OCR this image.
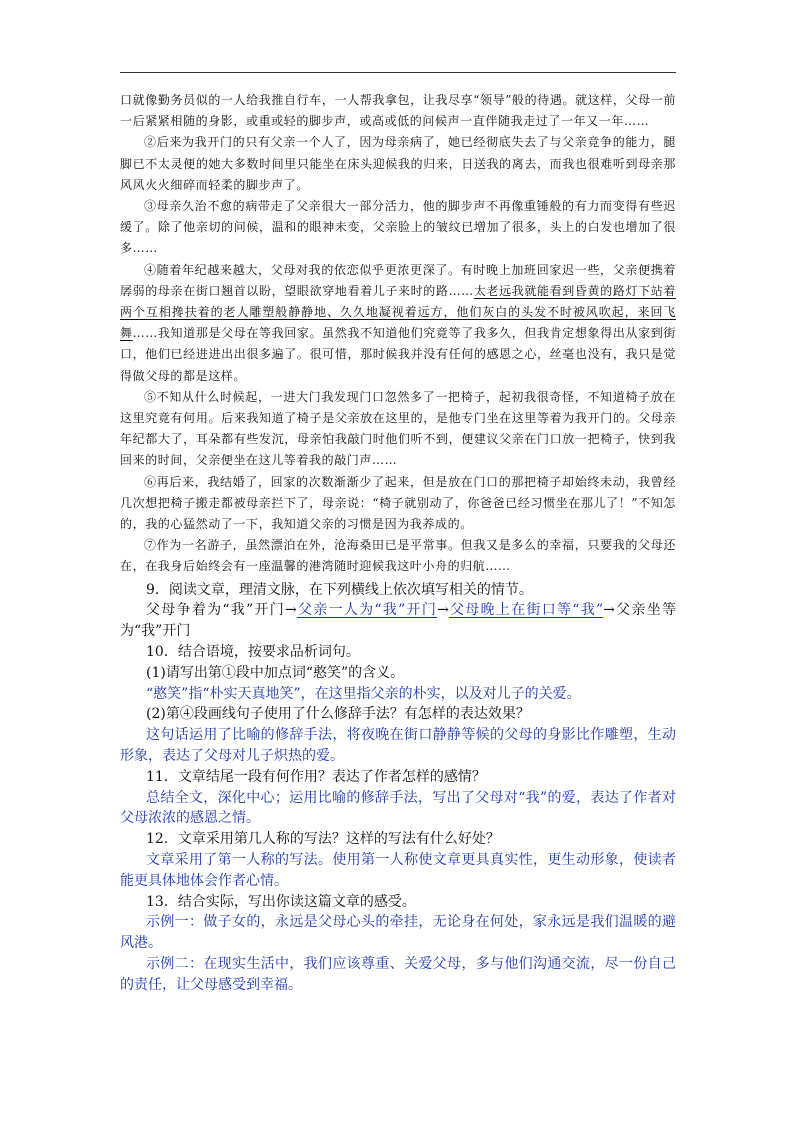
口就像勤务员似的一人给我推自行车，一人帮我拿包，让我尽享“领导”般的待遇。就这样，父母一前一后紧紧相随的身影，或重或轻的脚步声，或高或低的问候声一直伴随我走过了一年又一年……

②后来为我开门的只有父亲一个人了，因为母亲病了，她已经彻底失去了与父亲竞争的能力，腿脚已不太灵便的她大多数时间里只能坐在床头迎候我的归来，日送我的离去，而我也很难听到母亲那风风火火细碎而轻柔的脚步声了。

③母亲久治不愈的病带走了父亲很大一部分活力，他的脚步声不再像重锤般的有力而变得有些迟缓了。除了他亲切的问候，温和的眼神未变，父亲脸上的皱纹已增加了很多，头上的白发也增加了很多……

④随着年纪越来越大，父母对我的依恋似乎更浓更深了。有时晚上加班回家迟一些，父亲便携着孱弱的母亲在街口翘首以盼，望眼欲穿地看着儿子来时的路……太老远我就能看到昏黄的路灯下站着两个互相搀扶着的老人雕塑般静静地、久久地凝视着远方，他们灰白的头发不时被风吹起，来回飞舞……我知道那是父母在等我回家。虽然我不知道他们究竟等了我多久，但我肯定想象得出从家到街口，他们已经进进出出很多遍了。很可惜，那时候我并没有任何的感恩之心，丝毫也没有，我只是觉得做父母的都是这样。

⑤不知从什么时候起，一进大门我发现门口忽然多了一把椅子，起初我很奇怪，不知道椅子放在这里究竟有何用。后来我知道了椅子是父亲放在这里的，是他专门坐在这里等着为我开门的。父母亲年纪都大了，耳朵都有些发沉，母亲怕我敲门时他们听不到，便建议父亲在门口放一把椅子，快到我回来的时间，父亲便坐在这儿等着我的敲门声……

⑥再后来，我结婚了，回家的次数渐渐少了起来，但是放在门口的那把椅子却始终未动，我曾经几次想把椅子搬走都被母亲拦下了，母亲说：“椅子就别动了，你爸爸已经习惯坐在那儿了！”不知怎的，我的心猛然动了一下，我知道父亲的习惯是因为我养成的。

⑦作为一名游子，虽然漂泊在外，沧海桑田已是平常事。但我又是多么的幸福，只要我的父母还在，在我身后始终会有一座温馨的港湾随时迎候我这叶小舟的归航……

9．阅读文章，理清文脉，在下列横线上依次填写相关的情节。

父母争着为“我”开门→父亲一人为“我”开门→父母晚上在街口等“我”→父亲坐等为“我”开门

10．结合语境，按要求品析词句。

(1)请写出第①段中加点词“憨笑”的含义。

“憨笑”指“朴实天真地笑”，在这里指父亲的朴实，以及对儿子的关爱。

(2)第④段画线句子使用了什么修辞手法？有怎样的表达效果？

这句话运用了比喻的修辞手法，将夜晚在街口静静等候的父母的身影比作雕塑，生动形象，表达了父母对儿子炽热的爱。

11．文章结尾一段有何作用？表达了作者怎样的感情？

总结全文，深化中心；运用比喻的修辞手法，写出了父母对“我”的爱，表达了作者对父母浓浓的感恩之情。

12．文章采用第几人称的写法？这样的写法有什么好处？

文章采用了第一人称的写法。使用第一人称使文章更具真实性，更生动形象，使读者能更具体地体会作者心情。

13．结合实际，写出你读这篇文章的感受。

示例一：做子女的，永远是父母心头的牵挂，无论身在何处，家永远是我们温暖的避风港。

示例二：在现实生活中，我们应该尊重、关爱父母，多与他们沟通交流，尽一份自己的责任，让父母感受到幸福。
